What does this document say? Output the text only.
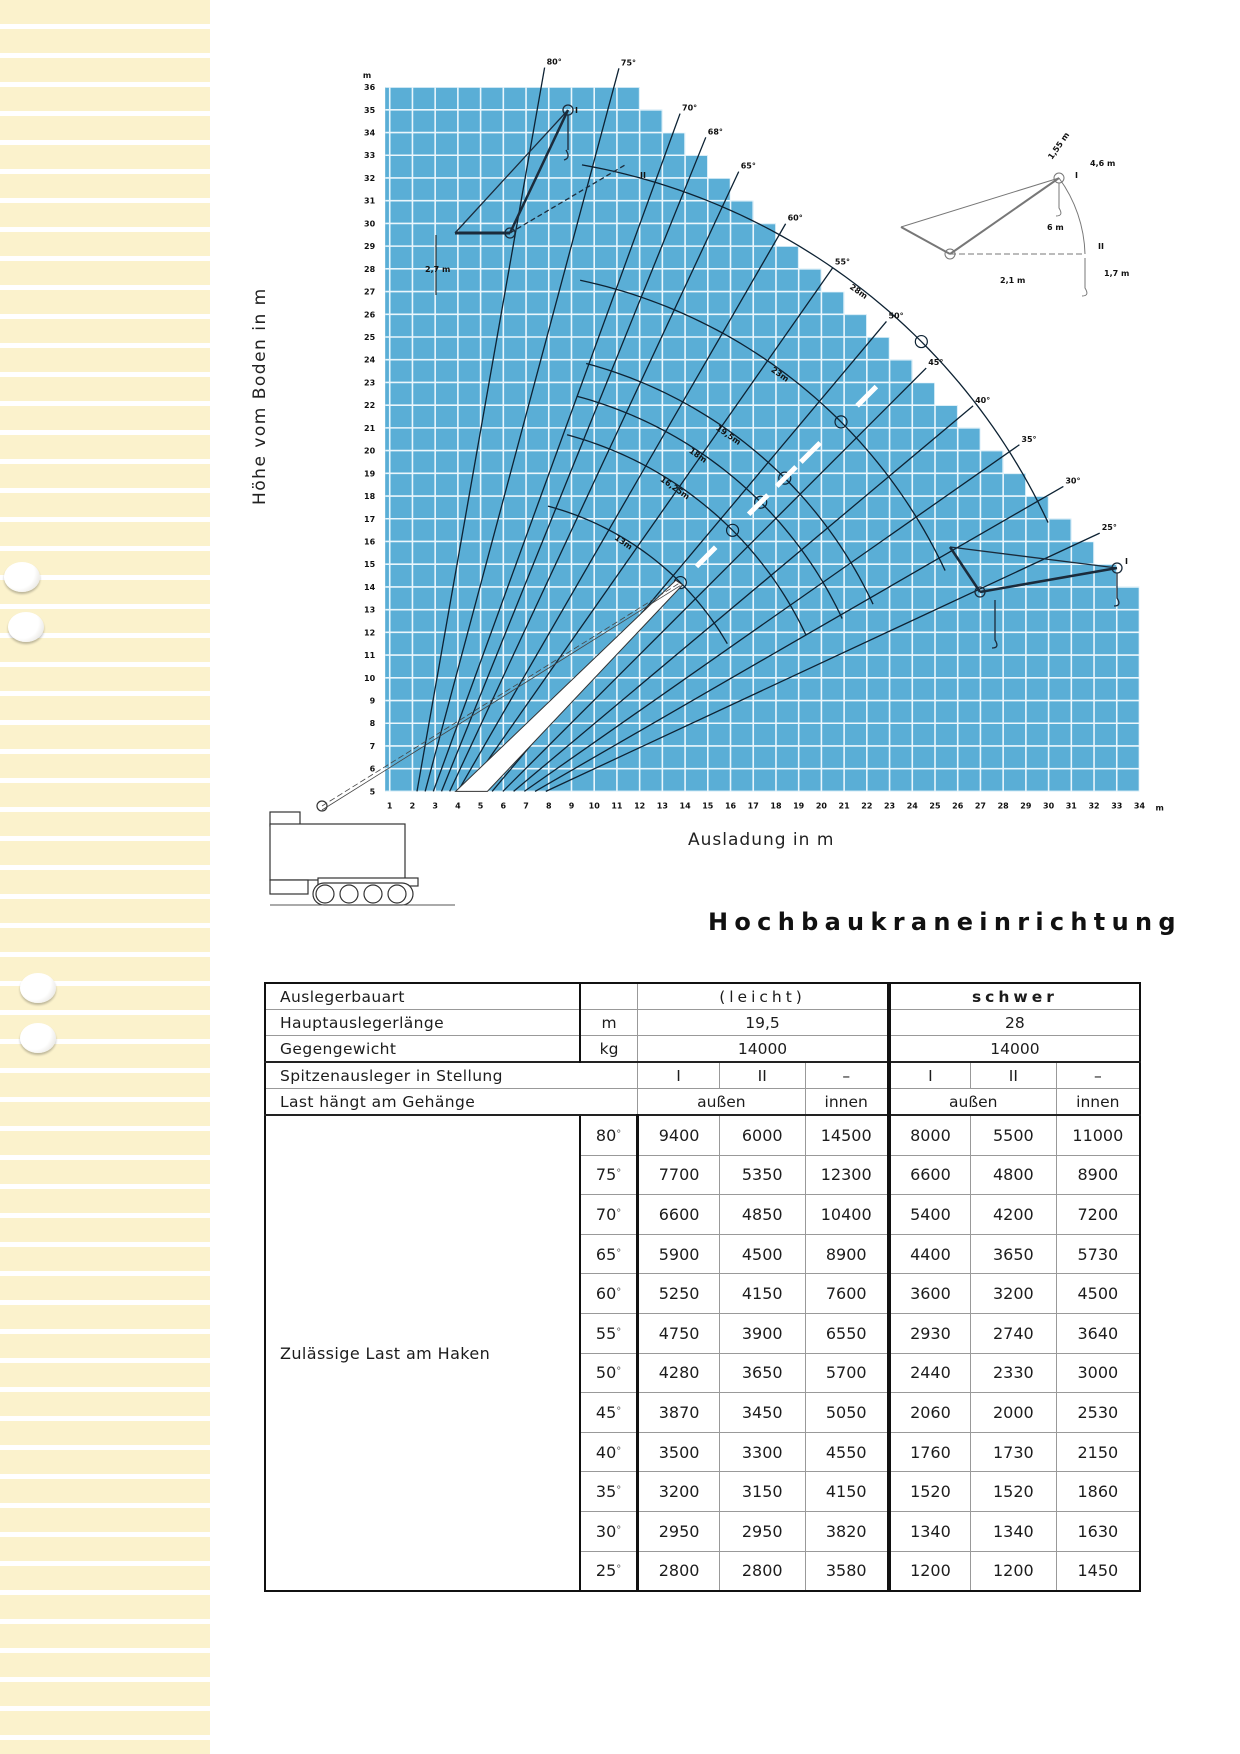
1 2 3 4 5 6 7 8 9 10 11 12 13 14 15 16 17 18 19 20 21 22 23 24 25 26 27 28 29 30 31 32 33 34 m
5
6
7
8
9
10
11
12
13
14
15
16
17
18
19
20
21
22
23
24
25
26
27
28
29
30
31
32
33
34
35
36
m
80°	75°
70°
68°
65°
60°
55°
50°
45°
40°
35°
30°
25°
13m
16,25m
18m
19,5m
23m
28m
I
II
2,7 m
I
1,55 m
4,6 m
6 m
2,1 m
1,7 m
I
II
Höhe vom Boden in m
Ausladung in m
Hochbaukraneinrichtung
Auslegerbauart		(leicht)			schwer		
Hauptauslegerlänge	m	19,5			28		
Gegengewicht	kg	14000			14000		
Spitzenausleger in Stellung		I	II	–	I	II	–
Last hängt am Gehänge		außen		innen	außen		innen
Zulässige Last am Haken	80°	9400	6000	14500	8000	5500	11000
	75°	7700	5350	12300	6600	4800	8900
	70°	6600	4850	10400	5400	4200	7200
	65°	5900	4500	8900	4400	3650	5730
	60°	5250	4150	7600	3600	3200	4500
	55°	4750	3900	6550	2930	2740	3640
	50°	4280	3650	5700	2440	2330	3000
	45°	3870	3450	5050	2060	2000	2530
	40°	3500	3300	4550	1760	1730	2150
	35°	3200	3150	4150	1520	1520	1860
	30°	2950	2950	3820	1340	1340	1630
	25°	2800	2800	3580	1200	1200	1450
